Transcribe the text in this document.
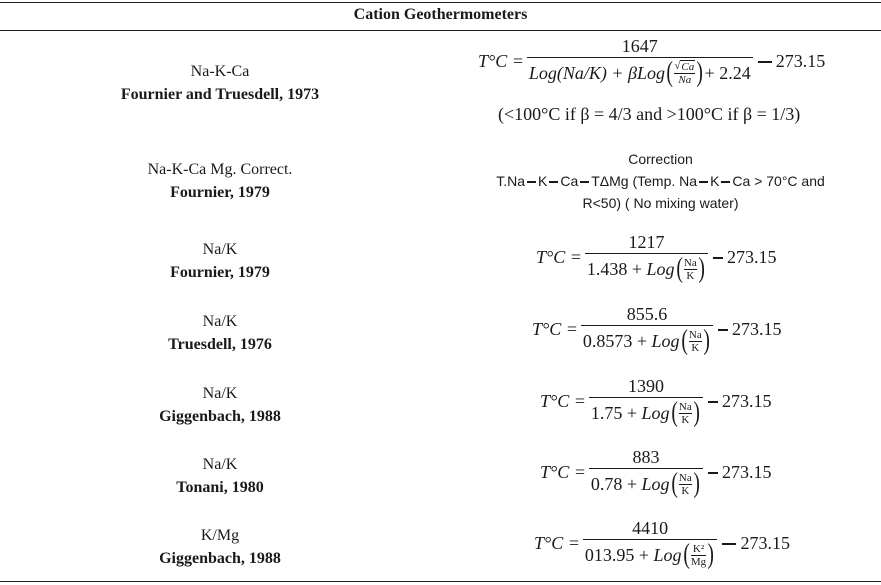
Cation Geothermometers
Na-K-Ca
Fournier and Truesdell, 1973
T°C =
1647
Log(Na/K) +
β Log ( $\frac{√ Ca}{Na}$ ) + 2.24
273.15
(<100°C if β = 4/3 and >100°C if β = 1/3)
Na-K-Ca Mg. Correct.
Fournier, 1979
Correction
T.Na K Ca TΔMg (Temp. Na K Ca > 70°C and
R<50) ( No mixing water)
Na/K
Fournier, 1979
T°C =
1217
1.438 +
Log ( $\frac{Na}{K}$ ) 273.15
Na/K
Truesdell, 1976
T°C =
855.6
0.8573 +
Log ( $\frac{Na}{K}$ ) 273.15
Na/K
Giggenbach, 1988
T°C =
1390
1.75 +
Log ( $\frac{Na}{K}$ ) 273.15
Na/K
Tonani, 1980
T°C =
883
0.78 +
Log ( $\frac{Na}{K}$ ) 273.15
K/Mg
Giggenbach, 1988
T°C =
4410
013.95 +
Log ( $\frac{\text{K²}}{Mg}$ ) 273.15
